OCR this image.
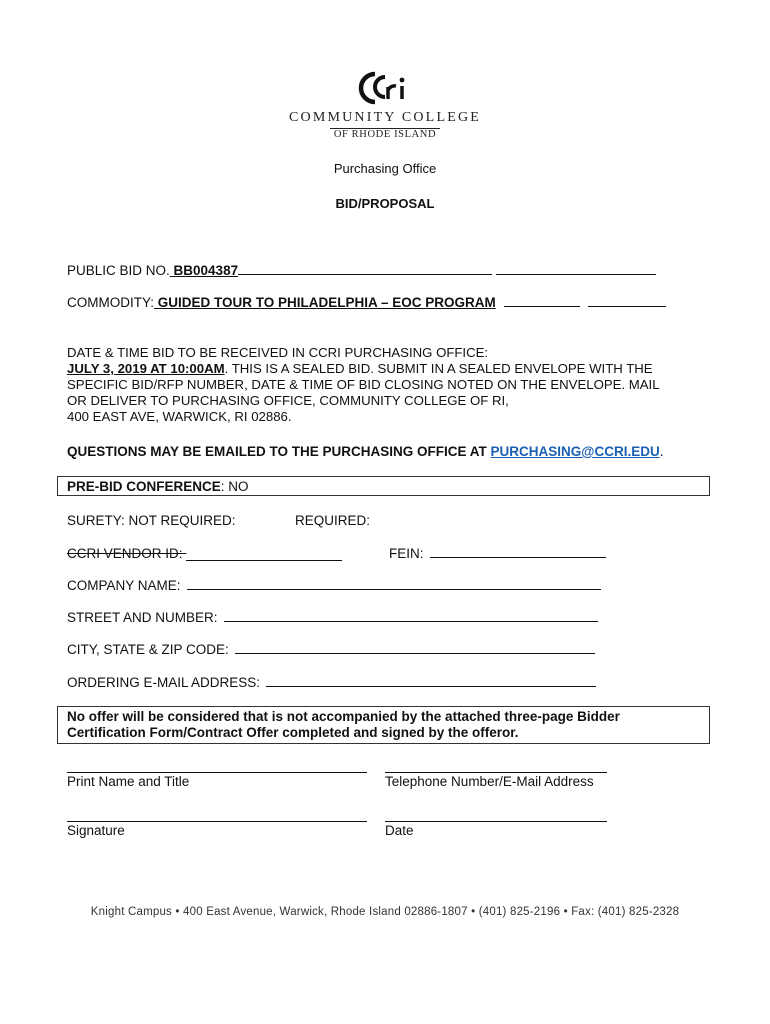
COMMUNITY COLLEGE
OF RHODE ISLAND
Purchasing Office
BID/PROPOSAL
PUBLIC BID NO. BB004387
COMMODITY: GUIDED TOUR TO PHILADELPHIA – EOC PROGRAM
DATE & TIME BID TO BE RECEIVED IN CCRI PURCHASING OFFICE:
JULY 3, 2019 AT 10:00AM. THIS IS A SEALED BID. SUBMIT IN A SEALED ENVELOPE WITH THE
SPECIFIC BID/RFP NUMBER, DATE & TIME OF BID CLOSING NOTED ON THE ENVELOPE. MAIL
OR DELIVER TO PURCHASING OFFICE, COMMUNITY COLLEGE OF RI,
400 EAST AVE, WARWICK, RI 02886.
QUESTIONS MAY BE EMAILED TO THE PURCHASING OFFICE AT PURCHASING@CCRI.EDU.
PRE-BID CONFERENCE: NO
SURETY: NOT REQUIRED:	REQUIRED:
CCRI VENDOR ID:	FEIN:
COMPANY NAME:
STREET AND NUMBER:
CITY, STATE & ZIP CODE:
ORDERING E-MAIL ADDRESS:
No offer will be considered that is not accompanied by the attached three-page Bidder Certification Form/Contract Offer completed and signed by the offeror.
Print Name and Title	Telephone Number/E-Mail Address
Signature	Date
Knight Campus • 400 East Avenue, Warwick, Rhode Island 02886-1807 • (401) 825-2196 • Fax: (401) 825-2328
